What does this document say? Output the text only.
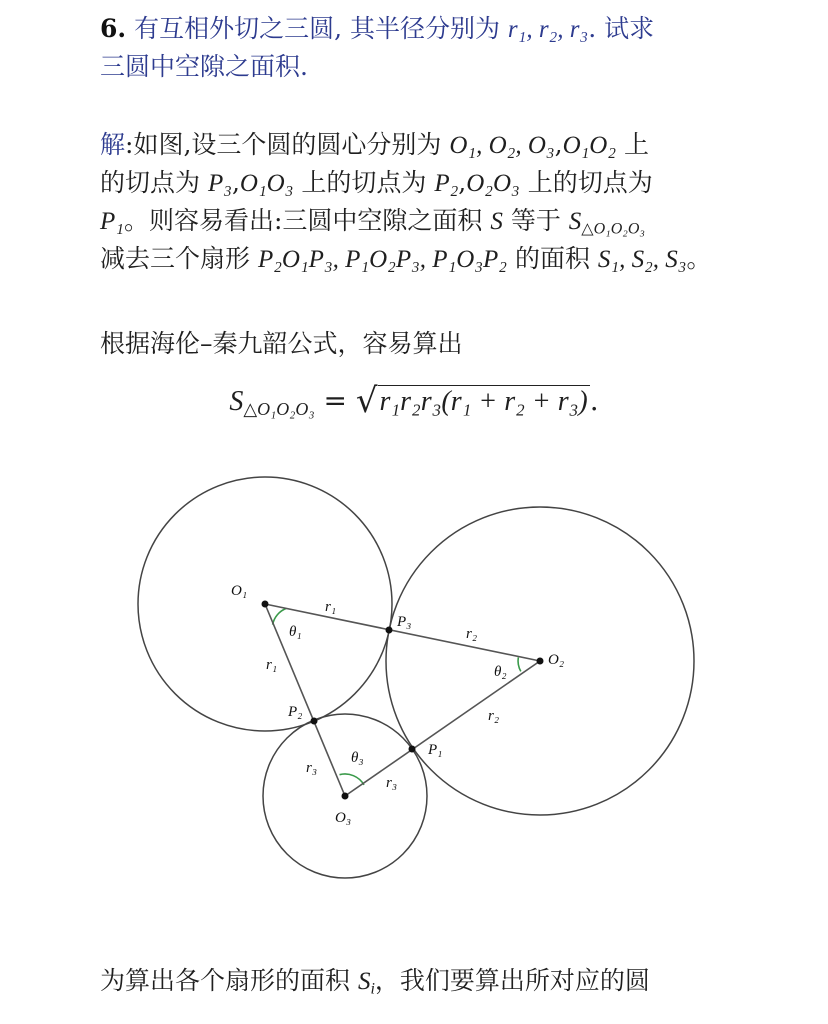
6. 有互相外切之三圆, 其半径分别为 r₁, r₂, r₃. 试求
三圆中空隙之面积.
解:如图,设三个圆的圆心分别为 O₁, O₂, O₃,O₁O₂ 上
的切点为 P₃,O₁O₃ 上的切点为 P₂,O₂O₃ 上的切点为
P₁。则容易看出:三圆中空隙之面积 S 等于 $S_{\triangle O_1O_2O_3}$
减去三个扇形 P₂O₁P₃, P₁O₂P₃, P₁O₃P₂ 的面积 S₁, S₂, S₃。
根据海伦–秦九韶公式，容易算出
$S_{\triangle O_1O_2O_3} = √r_1r_2r_3(r_1 + r_2 + r_3)$.
O₁
O₂
O₃
P₃
P₂
P₁
r₁
r₁
r₂
r₂
r₃
r₃
θ₁
θ₂
θ₃
为算出各个扇形的面积 $S_i$，我们要算出所对应的圆
